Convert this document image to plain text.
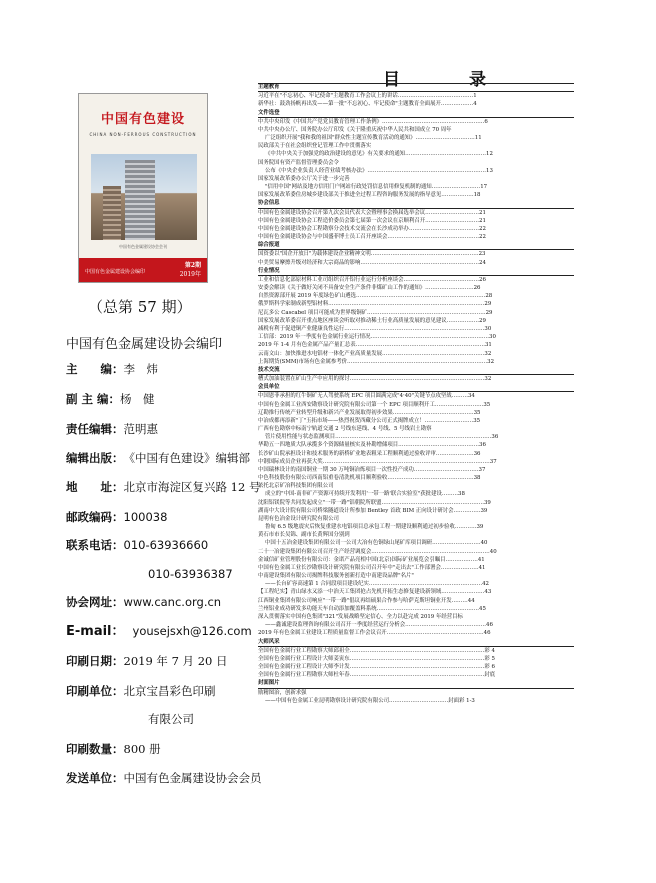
中国有色建设
CHINA NON-FERROUS CONSTRUCTION
中国有色金属建设协会会刊
中国有色金属建设协会编印
第2期
2019年
（总第 57 期）
中国有色金属建设协会编印
主　　编：李　炜
副 主 编：杨　健
责任编辑：范明惠
编辑出版：《中国有色建设》编辑部
地　　址：北京市海淀区复兴路 12 号
邮政编码：100038
联系电话：010-63936660
010-63936387
协会网址：www.canc.org.cn
E-mail： yousejsxh@126.com
印刷日期：2019 年 7 月 20 日
印刷单位：北京宝昌彩色印刷
有限公司
印刷数量：800 册
发送单位：中国有色金属建设协会会员
目　录
主题教育
习近平在"不忘初心、牢记使命"主题教育工作会议上的讲话……………………………………1
新华社：鼓劲扬帆再出发——第一批"不忘初心、牢记使命"主题教育全面展开………………4
文件选登
中共中央印发《中国共产党党员教育管理工作条例》…………………………………………………6
中共中央办公厅、国务院办公厅印发《关于隆重庆祝中华人民共和国成立 70 周年
广泛组织开展"我和我的祖国"群众性主题宣传教育活动的通知》……………………………11
民政部关于在社会组织登记管理工作中贯彻落实
《中共中央关于加强党的政治建设的意见》有关要求的通知………………………………………12
国务院国有资产监督管理委员会令
公布《中央企业负责人经营业绩考核办法》…………………………………………………………13
国家发展改革委办公厅关于进一步完善
"信用中国"网站及地方信用门户网站行政处罚信息信用修复机制的通知………………………17
国家发展改革委住房城乡建设部关于推进全过程工程咨询服务发展的指导意见………………18
协会信息
中国有色金属建设协会召开第九次会员代表大会暨理事会换届选举会议…………………………21
中国有色金属建设协会工程造价委员会第七届第一次会议在京顺利召开…………………………21
中国有色金属建设协会工程勘察分会技术交流会在长沙成功举办…………………………………22
中国有色金属建设协会与中国盛菲博士员工召开座谈会……………………………………………22
综合报道
国资委以"国企开放日"为载体建设企业精神文明……………………………………………………23
中美贸易摩擦升级对经济和大宗商品的影响…………………………………………………………24
行业情况
工业和信息化部原材料工业司组织召开铝行业运行分析座谈会……………………………………26
安委会解读《关于做好关闭不具备安全生产条件非煤矿山工作的通知》………………………26
自然资源部开展 2019 年度绿色矿山遴选………………………………………………………………28
俄罗斯科学家制成新型铝材料……………………………………………………………………………29
尼瓦多公 Cascabel 项目可能成为世界级铜矿…………………………………………………………29
国家发展改革委召开重点地区座谈会听取对推动稀土行业高质量发展的意见建议………………29
减税有利于促进铜产业健康良性运行……………………………………………………………………30
工信部：2019 年一季度有色金属行业运行情况…………………………………………………………30
2019 年 1-4 月有色金属产品产量汇总表………………………………………………………………31
云南文山：加快推进水电铝材一体化产业高质量发展…………………………………………………32
上海期货(SMM)市场有色金属参考价……………………………………………………………………32
技术交流
槽式加油装置在矿山生产中应用的探讨…………………………………………………………………32
会员单位
中国恩菲承担的红牛铜矿无人驾驶系统 EPC 项目圆满完成"4·40"关键节点攻坚战………34
中国有色金属工业西安勘察设计研究院有限公司第一个 EPC 项目顺利开工………………………35
辽勘推行传统产业转型升级和新兴产业发展取得初步效果………………………………………35
中冶成都再添新"丁"玉拓市场——热烈祝贺西藏分公司正式揭牌成立！………………………35
广西有色勘察中标南宁轨道交通 2 号线东延线、4 号线、5 号线岩土勘察
管片使用性能与状态监测项目……………………………………………………………………………36
华勘五一四地质大队承揽多个资源储量核实及补勘增储项目………………………………………36
长沙矿山院承担设计和技术服务的新桥矿业地表粗采工程顺利通过验收评审…………………36
中钢国际成员企业再获大奖…………………………………………………………………………………37
中国瑞林设计的南国铜业一期 30 万吨铜冶炼项目一次性投产成功………………………………37
中色科技股份有限公司西南铝重卷清洗机项目顺利验收…………………………………………38
依托北京矿冶科技集团有限公司
成立的"中国-南非矿产资源可持续开发利用'一带一路'联合实验室"获批建设………38
沈阳铝镁院等共同发起成立"一带一路"铝朝院所联盟…………………………………………………39
湖南中大设计院有限公司桥梁隧道设计所参加 Bentley 首政 BIM 正向设计研讨会……………39
昆明有色冶金设计研究院有限公司
鲁甸 6.5 级地震灾后恢复重建水电铝项目总承包工程一期建设顺利通过初步验收…………39
黄石市市长吴锦、副市长黄辉国分别到
中国十五冶金建设集团有限公司一公司大冶有色铜绿山尾矿库项目调研………………………40
二十一冶建设集团有限公司召开生产经营调度会…………………………………………………………40
金诚信矿业管理股份有限公司：金诺产品亮相中国(北京)国际矿业展览会引瞩目………………41
中国有色金属工业长沙勘察设计研究院有限公司召开年中"走出去"工作部署会…………………41
中南建设集团有限公司揭牌科技服务创新打造中南建设品牌"名片"
——长台矿容高速第 1 合同段项目建设纪实………………………………………………………42
【工程纪实】青山绿水又添一中治天工集团抢占先机开拓生态修复建设新领域……………………43
江西铜业集团有限公司响应"一带一路"倡议再结硕果合作参与哈萨克斯坦铜业开发………44
兰州铝业成功研发多功能天车自动添加覆盖料系统…………………………………………………45
深入贯彻落实中国有色集团"321"发展战略坚定信心、全力以赴完成 2019 年经营目标
——鑫诚建设监理咨询有限公司召开一季度经营运行分析会………………………………………46
2019 年有色金属工业建设工程质量监督工作会议召开………………………………………………46
大师风采
全国有色金属行业工程勘察大师邱祖全…………………………………………………………………彩 4
全国有色金属行业工程设计大师姜寅东…………………………………………………………………彩 5
全国有色金属行业工程设计大师李计发…………………………………………………………………彩 6
全国有色金属行业工程勘察大师杜年春…………………………………………………………………封底
封面图片
励精图治，创新求强
——中国有色金属工业昆明勘察设计研究院有限公司……………………………封面彩 1-3
